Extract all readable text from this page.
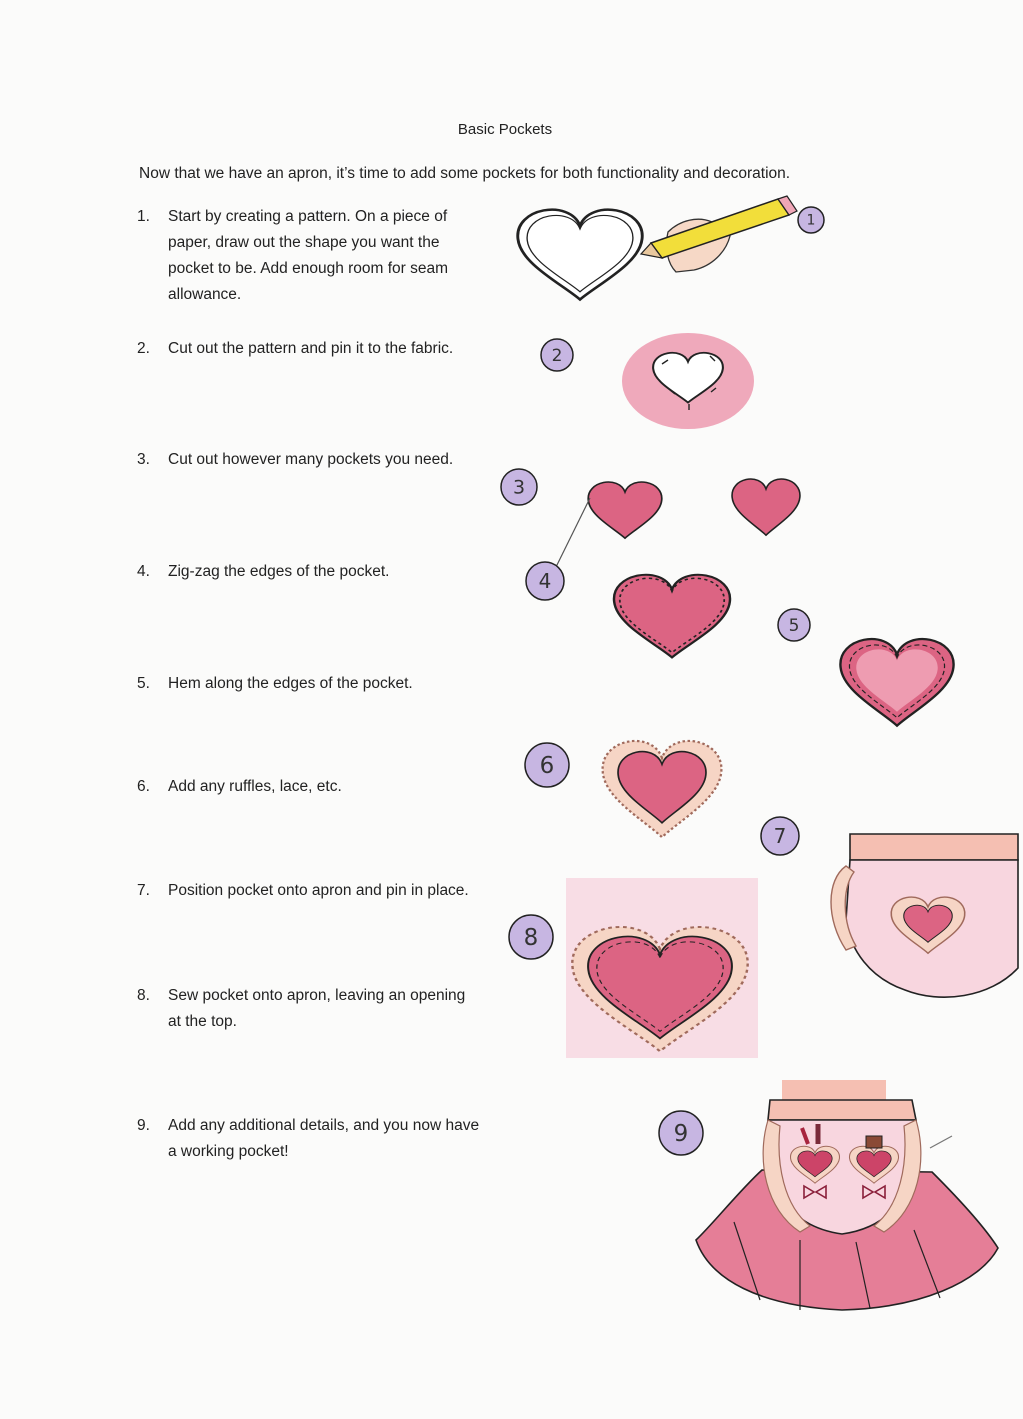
Basic Pockets
Now that we have an apron, it’s time to add some pockets for both functionality and decoration.
1. Start by creating a pattern. On a piece of paper, draw out the shape you want the pocket to be. Add enough room for seam allowance.
2. Cut out the pattern and pin it to the fabric.
3. Cut out however many pockets you need.
4. Zig-zag the edges of the pocket.
5. Hem along the edges of the pocket.
6. Add any ruffles, lace, etc.
7. Position pocket onto apron and pin in place.
8. Sew pocket onto apron, leaving an opening at the top.
9. Add any additional details, and you now have a working pocket!
1
2
3
4
5
6
7
8
9
